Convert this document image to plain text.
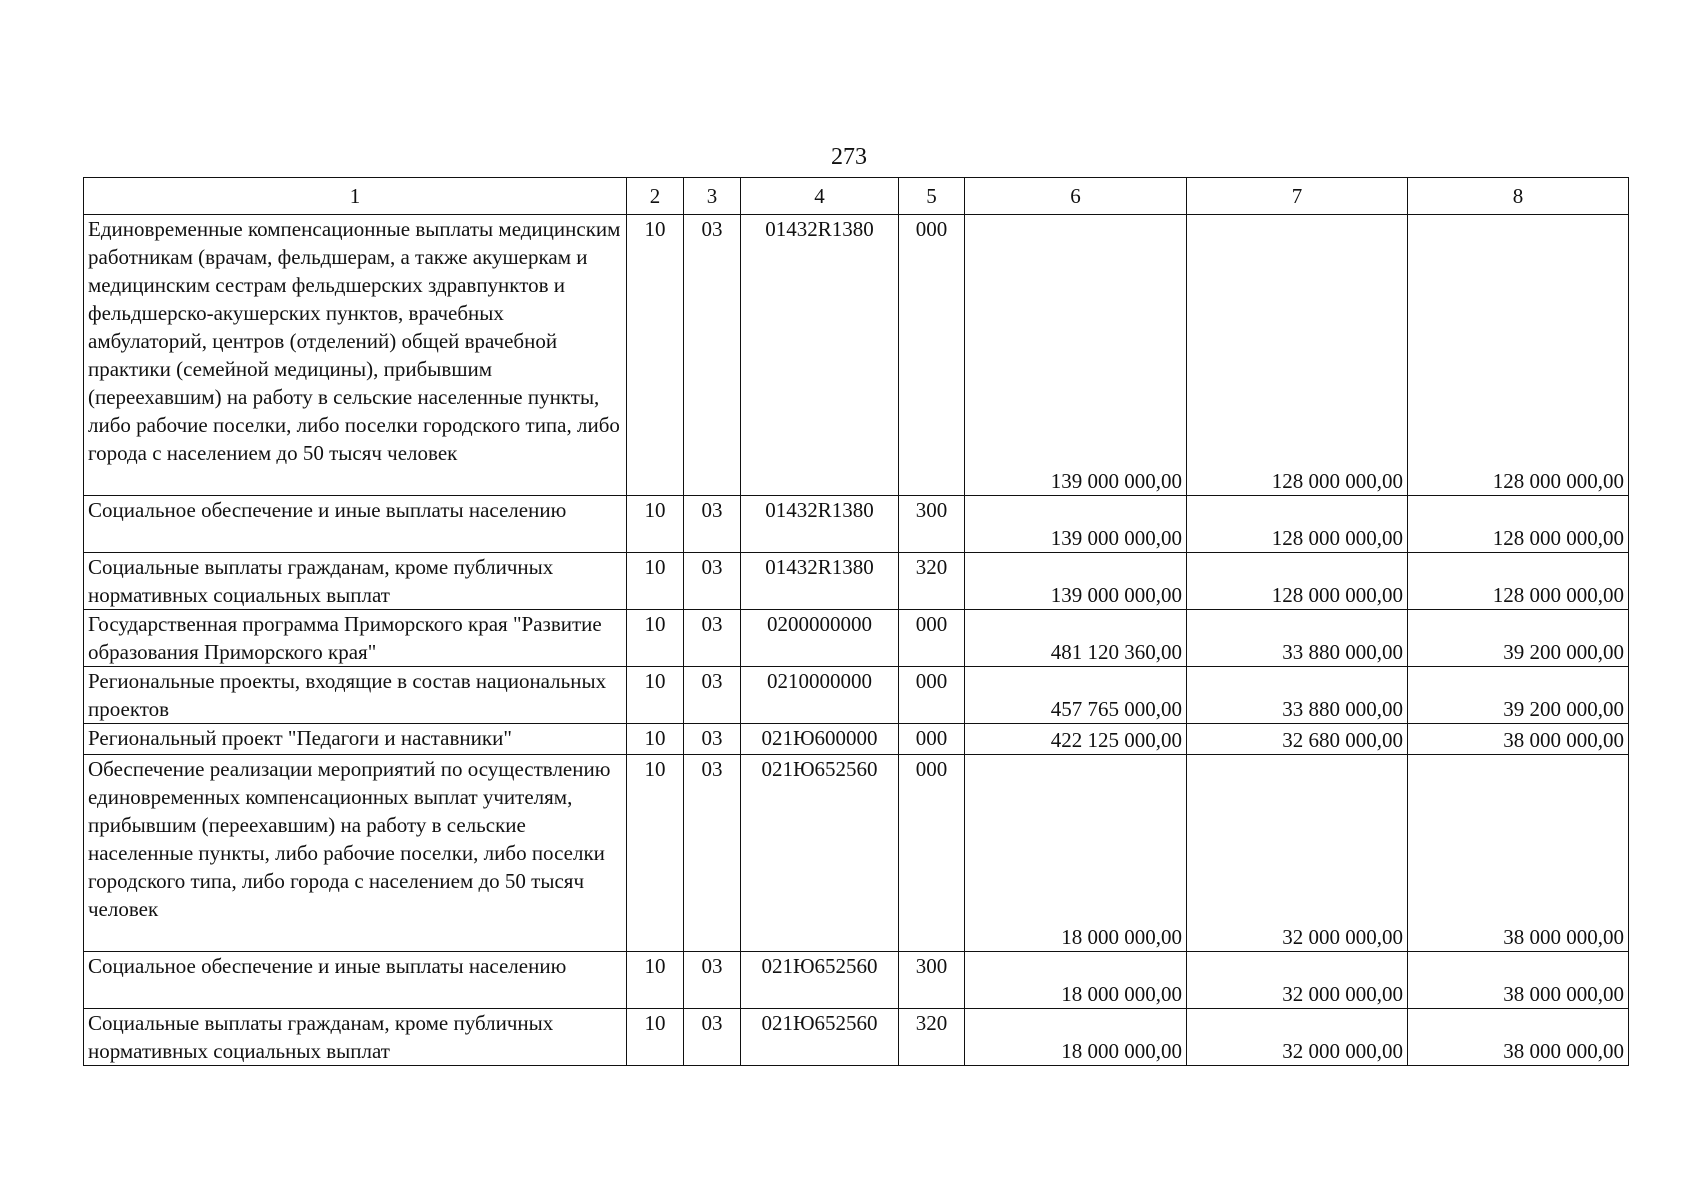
273
1	2	3	4	5	6	7	8
Единовременные компенсационные выплаты медицинским работникам (врачам, фельдшерам, а также акушеркам и медицинским сестрам фельдшерских здравпунктов и фельдшерско-акушерских пунктов, врачебных амбулаторий, центров (отделений) общей врачебной практики (семейной медицины), прибывшим (переехавшим) на работу в сельские населенные пункты, либо рабочие поселки, либо поселки городского типа, либо города с населением до 50 тысяч человек	10	03	01432R1380	000	139 000 000,00	128 000 000,00	128 000 000,00
Социальное обеспечение и иные выплаты населению	10	03	01432R1380	300	139 000 000,00	128 000 000,00	128 000 000,00
Социальные выплаты гражданам, кроме публичных нормативных социальных выплат	10	03	01432R1380	320	139 000 000,00	128 000 000,00	128 000 000,00
Государственная программа Приморского края "Развитие образования Приморского края"	10	03	0200000000	000	481 120 360,00	33 880 000,00	39 200 000,00
Региональные проекты, входящие в состав национальных проектов	10	03	0210000000	000	457 765 000,00	33 880 000,00	39 200 000,00
Региональный проект "Педагоги и наставники"	10	03	021Ю600000	000	422 125 000,00	32 680 000,00	38 000 000,00
Обеспечение реализации мероприятий по осуществлению единовременных компенсационных выплат учителям, прибывшим (переехавшим) на работу в сельские населенные пункты, либо рабочие поселки, либо поселки городского типа, либо города с населением до 50 тысяч человек	10	03	021Ю652560	000	18 000 000,00	32 000 000,00	38 000 000,00
Социальное обеспечение и иные выплаты населению	10	03	021Ю652560	300	18 000 000,00	32 000 000,00	38 000 000,00
Социальные выплаты гражданам, кроме публичных нормативных социальных выплат	10	03	021Ю652560	320	18 000 000,00	32 000 000,00	38 000 000,00
